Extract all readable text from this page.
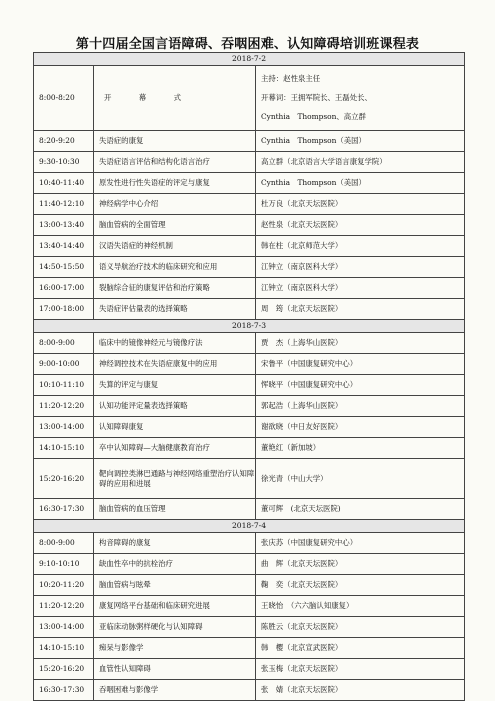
第十四届全国言语障碍、吞咽困难、认知障碍培训班课程表
2018-7-2		
8:00-8:20	开　幕　式	主持：赵性泉主任
开幕词：王拥军院长、王磊处长、
Cynthia　Thompson、高立群

8:20-9:20	失语症的康复	Cynthia　Thompson（美国）
9:30-10:30	失语症语言评估和结构化语言治疗	高立群（北京语言大学语言康复学院）
10:40-11:40	原发性进行性失语症的评定与康复	Cynthia　Thompson（美国）
11:40-12:10	神经病学中心介绍	杜万良（北京天坛医院）
13:00-13:40	脑血管病的全面管理	赵性泉（北京天坛医院）
13:40-14:40	汉语失语症的神经机制	韩在柱（北京师范大学）
14:50-15:50	语义导航治疗技术的临床研究和应用	江钟立（南京医科大学）
16:00-17:00	裂脑综合征的康复评估和治疗策略	江钟立（南京医科大学）
17:00-18:00	失语症评估量表的选择策略	周　筠（北京天坛医院）
2018-7-3		
8:00-9:00	临床中的镜像神经元与镜像疗法	贾　杰（上海华山医院）
9:00-10:00	神经调控技术在失语症康复中的应用	宋鲁平（中国康复研究中心）
10:10-11:10	失算的评定与康复	恽晓平（中国康复研究中心）
11:20-12:20	认知功能评定量表选择策略	郭起浩（上海华山医院）
13:00-14:00	认知障碍康复	谢欲晓（中日友好医院）
14:10-15:10	卒中认知障碍—大脑健康教育治疗	董艳红（新加坡）
15:20-16:20	靶向调控类淋巴通路与神经网络重塑治疗认知障碍的应用和进展	徐光青（中山大学）
16:30-17:30	脑血管病的血压管理	董可辉　(北京天坛医院)
2018-7-4		
8:00-9:00	构音障碍的康复	张庆苏（中国康复研究中心）
9:10-10:10	缺血性卒中的抗栓治疗	曲　辉（北京天坛医院）
10:20-11:20	脑血管病与眩晕	鞠　奕（北京天坛医院）
11:20-12:20	康复网络平台基础和临床研究进展	王晓怡　（六六脑认知康复）
13:00-14:00	亚临床动脉粥样硬化与认知障碍	陈胜云（北京天坛医院）
14:10-15:10	痴呆与影像学	韩　樱（北京宣武医院）
15:20-16:20	血管性认知障碍	张玉梅（北京天坛医院）
16:30-17:30	吞咽困难与影像学	张　婧（北京天坛医院）
